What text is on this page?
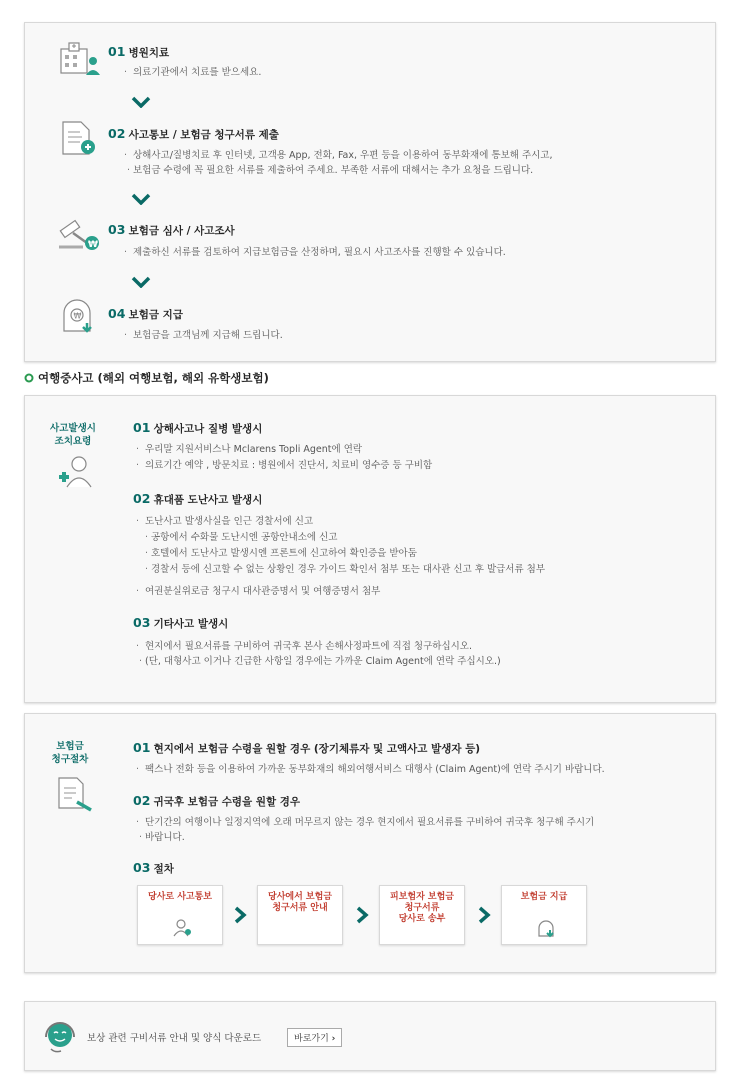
01 병원치료
· 의료기관에서 치료를 받으세요.
02 사고통보 / 보험금 청구서류 제출
· 상해사고/질병치료 후 인터넷, 고객용 App, 전화, Fax, 우편 등을 이용하여 동부화재에 통보해 주시고,
· 보험금 수령에 꼭 필요한 서류를 제출하여 주세요. 부족한 서류에 대해서는 추가 요청을 드립니다.
₩
03 보험금 심사 / 사고조사
· 제출하신 서류를 검토하여 지급보험금을 산정하며, 필요시 사고조사를 진행할 수 있습니다.
₩ 04 보험금 지급
· 보험금을 고객님께 지급해 드립니다.
여행중사고 (해외 여행보험, 해외 유학생보험)
사고발생시
조치요령
01 상해사고나 질병 발생시
· 우리말 지원서비스나 Mclarens Topli Agent에 연락
· 의료기간 예약 , 방문치료 : 병원에서 진단서, 치료비 영수증 등 구비함
02 휴대품 도난사고 발생시
· 도난사고 발생사실을 인근 경찰서에 신고
· 공항에서 수화물 도난시엔 공항안내소에 신고
· 호텔에서 도난사고 발생시엔 프론트에 신고하여 확인증을 받아둠
· 경찰서 등에 신고할 수 없는 상황인 경우 가이드 확인서 첨부 또는 대사관 신고 후 발급서류 첨부
· 여권분실위로금 청구시 대사관증명서 및 여행증명서 첨부
03 기타사고 발생시
· 현지에서 필요서류를 구비하여 귀국후 본사 손해사정파트에 직접 청구하십시오.
· (단, 대형사고 이거나 긴급한 사항일 경우에는 가까운 Claim Agent에 연락 주십시오.)
보험금
청구절차
01 현지에서 보험금 수령을 원할 경우 (장기체류자 및 고액사고 발생자 등)
· 팩스나 전화 등을 이용하여 가까운 동부화재의 해외여행서비스 대행사 (Claim Agent)에 연락 주시기 바랍니다.
02 귀국후 보험금 수령을 원할 경우
· 단기간의 여행이나 일정지역에 오래 머무르지 않는 경우 현지에서 필요서류를 구비하여 귀국후 청구해 주시기
· 바랍니다.
03 절차
당사로 사고통보	당사에서 보험금
청구서류 안내
피보험자 보험금
청구서류
당사로 송부
보험금 지급
보상 관련 구비서류 안내 및 양식 다운로드	바로가기 ›
